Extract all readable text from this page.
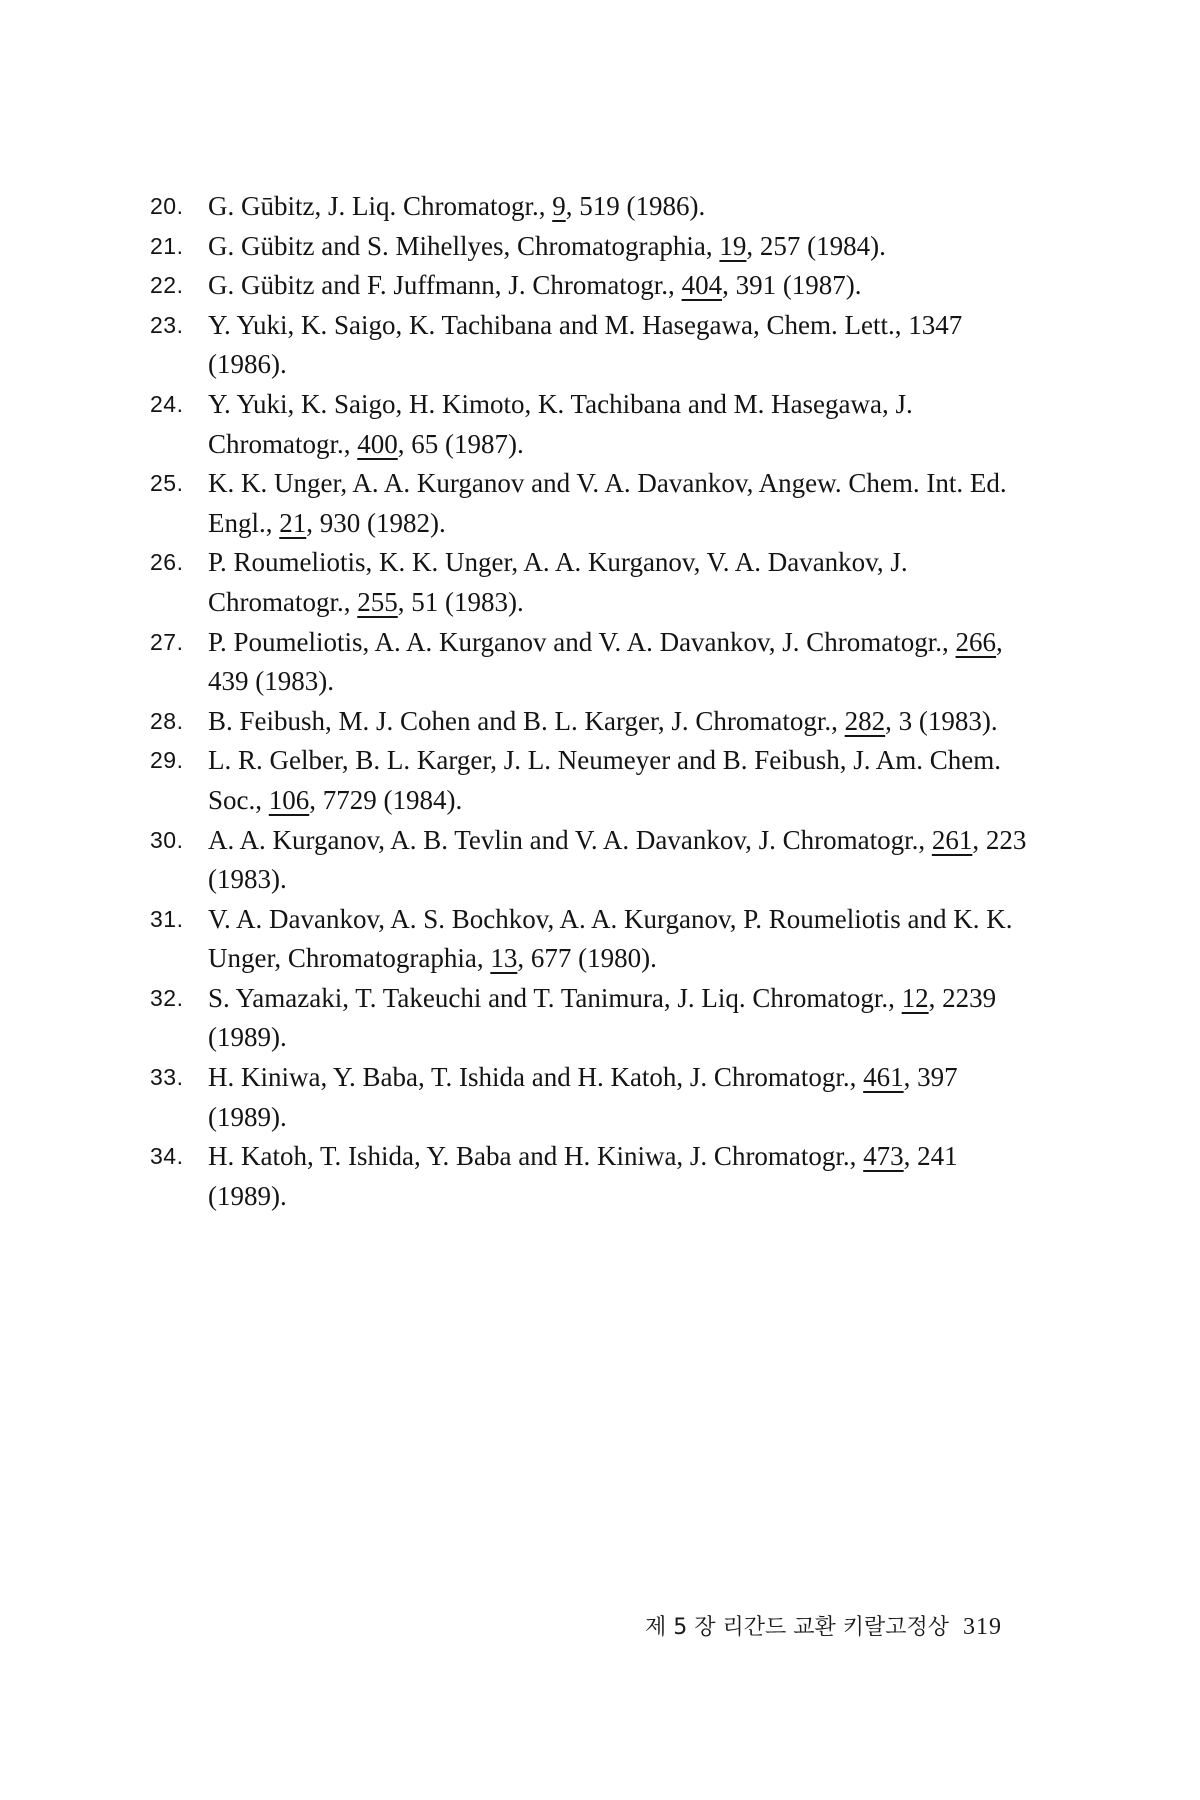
20. G. Gūbitz, J. Liq. Chromatogr., 9, 519 (1986).
21. G. Gübitz and S. Mihellyes, Chromatographia, 19, 257 (1984).
22. G. Gübitz and F. Juffmann, J. Chromatogr., 404, 391 (1987).
23. Y. Yuki, K. Saigo, K. Tachibana and M. Hasegawa, Chem. Lett., 1347 (1986).
24. Y. Yuki, K. Saigo, H. Kimoto, K. Tachibana and M. Hasegawa, J. Chromatogr., 400, 65 (1987).
25. K. K. Unger, A. A. Kurganov and V. A. Davankov, Angew. Chem. Int. Ed. Engl., 21, 930 (1982).
26. P. Roumeliotis, K. K. Unger, A. A. Kurganov, V. A. Davankov, J. Chromatogr., 255, 51 (1983).
27. P. Poumeliotis, A. A. Kurganov and V. A. Davankov, J. Chromatogr., 266, 439 (1983).
28. B. Feibush, M. J. Cohen and B. L. Karger, J. Chromatogr., 282, 3 (1983).
29. L. R. Gelber, B. L. Karger, J. L. Neumeyer and B. Feibush, J. Am. Chem. Soc., 106, 7729 (1984).
30. A. A. Kurganov, A. B. Tevlin and V. A. Davankov, J. Chromatogr., 261, 223 (1983).
31. V. A. Davankov, A. S. Bochkov, A. A. Kurganov, P. Roumeliotis and K. K. Unger, Chromatographia, 13, 677 (1980).
32. S. Yamazaki, T. Takeuchi and T. Tanimura, J. Liq. Chromatogr., 12, 2239 (1989).
33. H. Kiniwa, Y. Baba, T. Ishida and H. Katoh, J. Chromatogr., 461, 397 (1989).
34. H. Katoh, T. Ishida, Y. Baba and H. Kiniwa, J. Chromatogr., 473, 241 (1989).
제 5 장 리간드 교환 키랄고정상 319
